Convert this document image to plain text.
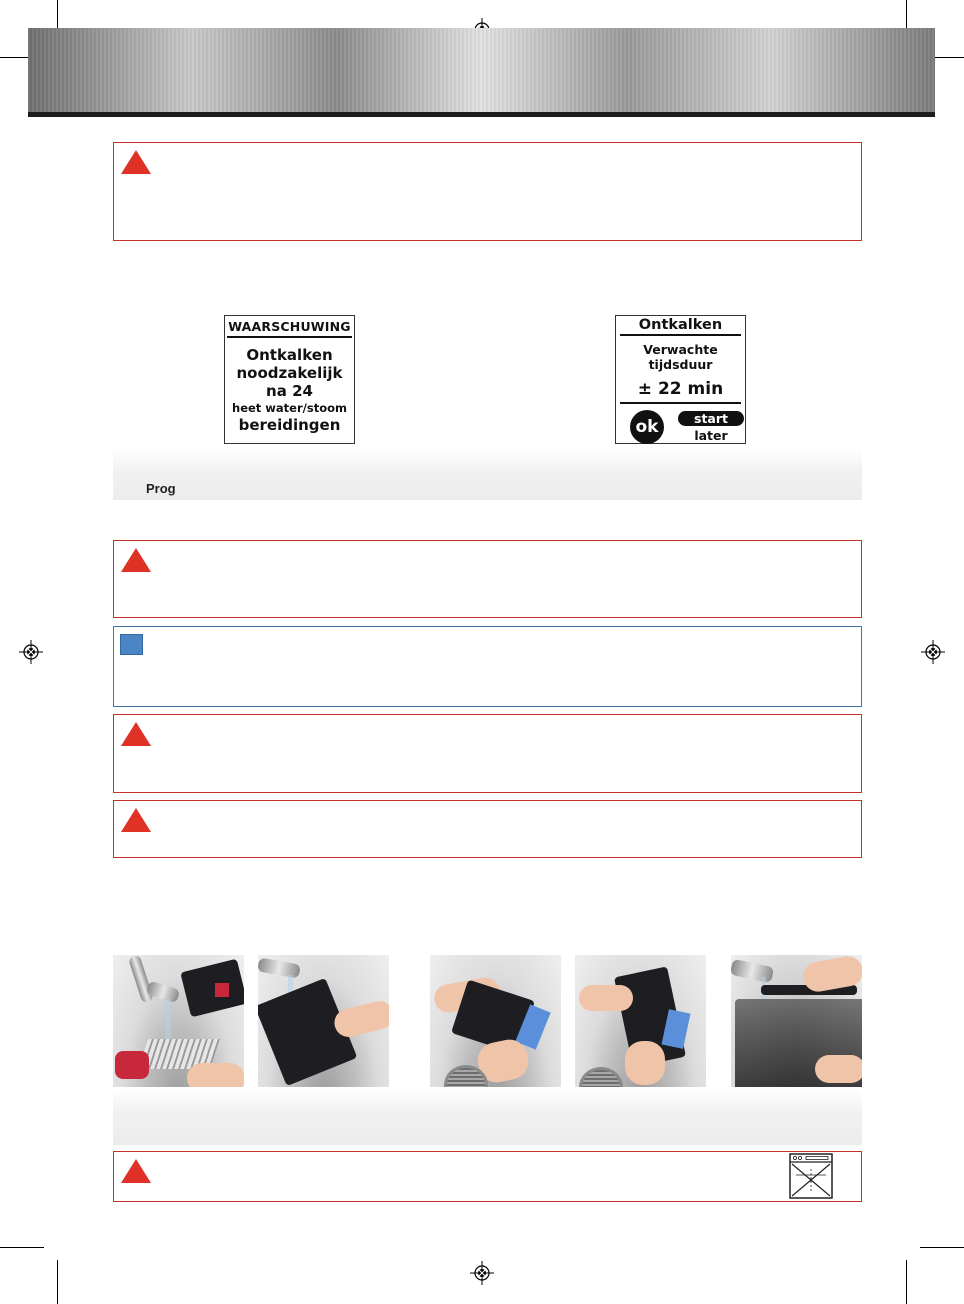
WAARSCHUWING
Ontkalken
noodzakelijk
na 24
heet water/stoom
bereidingen
Ontkalken
Verwachte
tijdsduur
± 22 min
ok	start
later
Prog
